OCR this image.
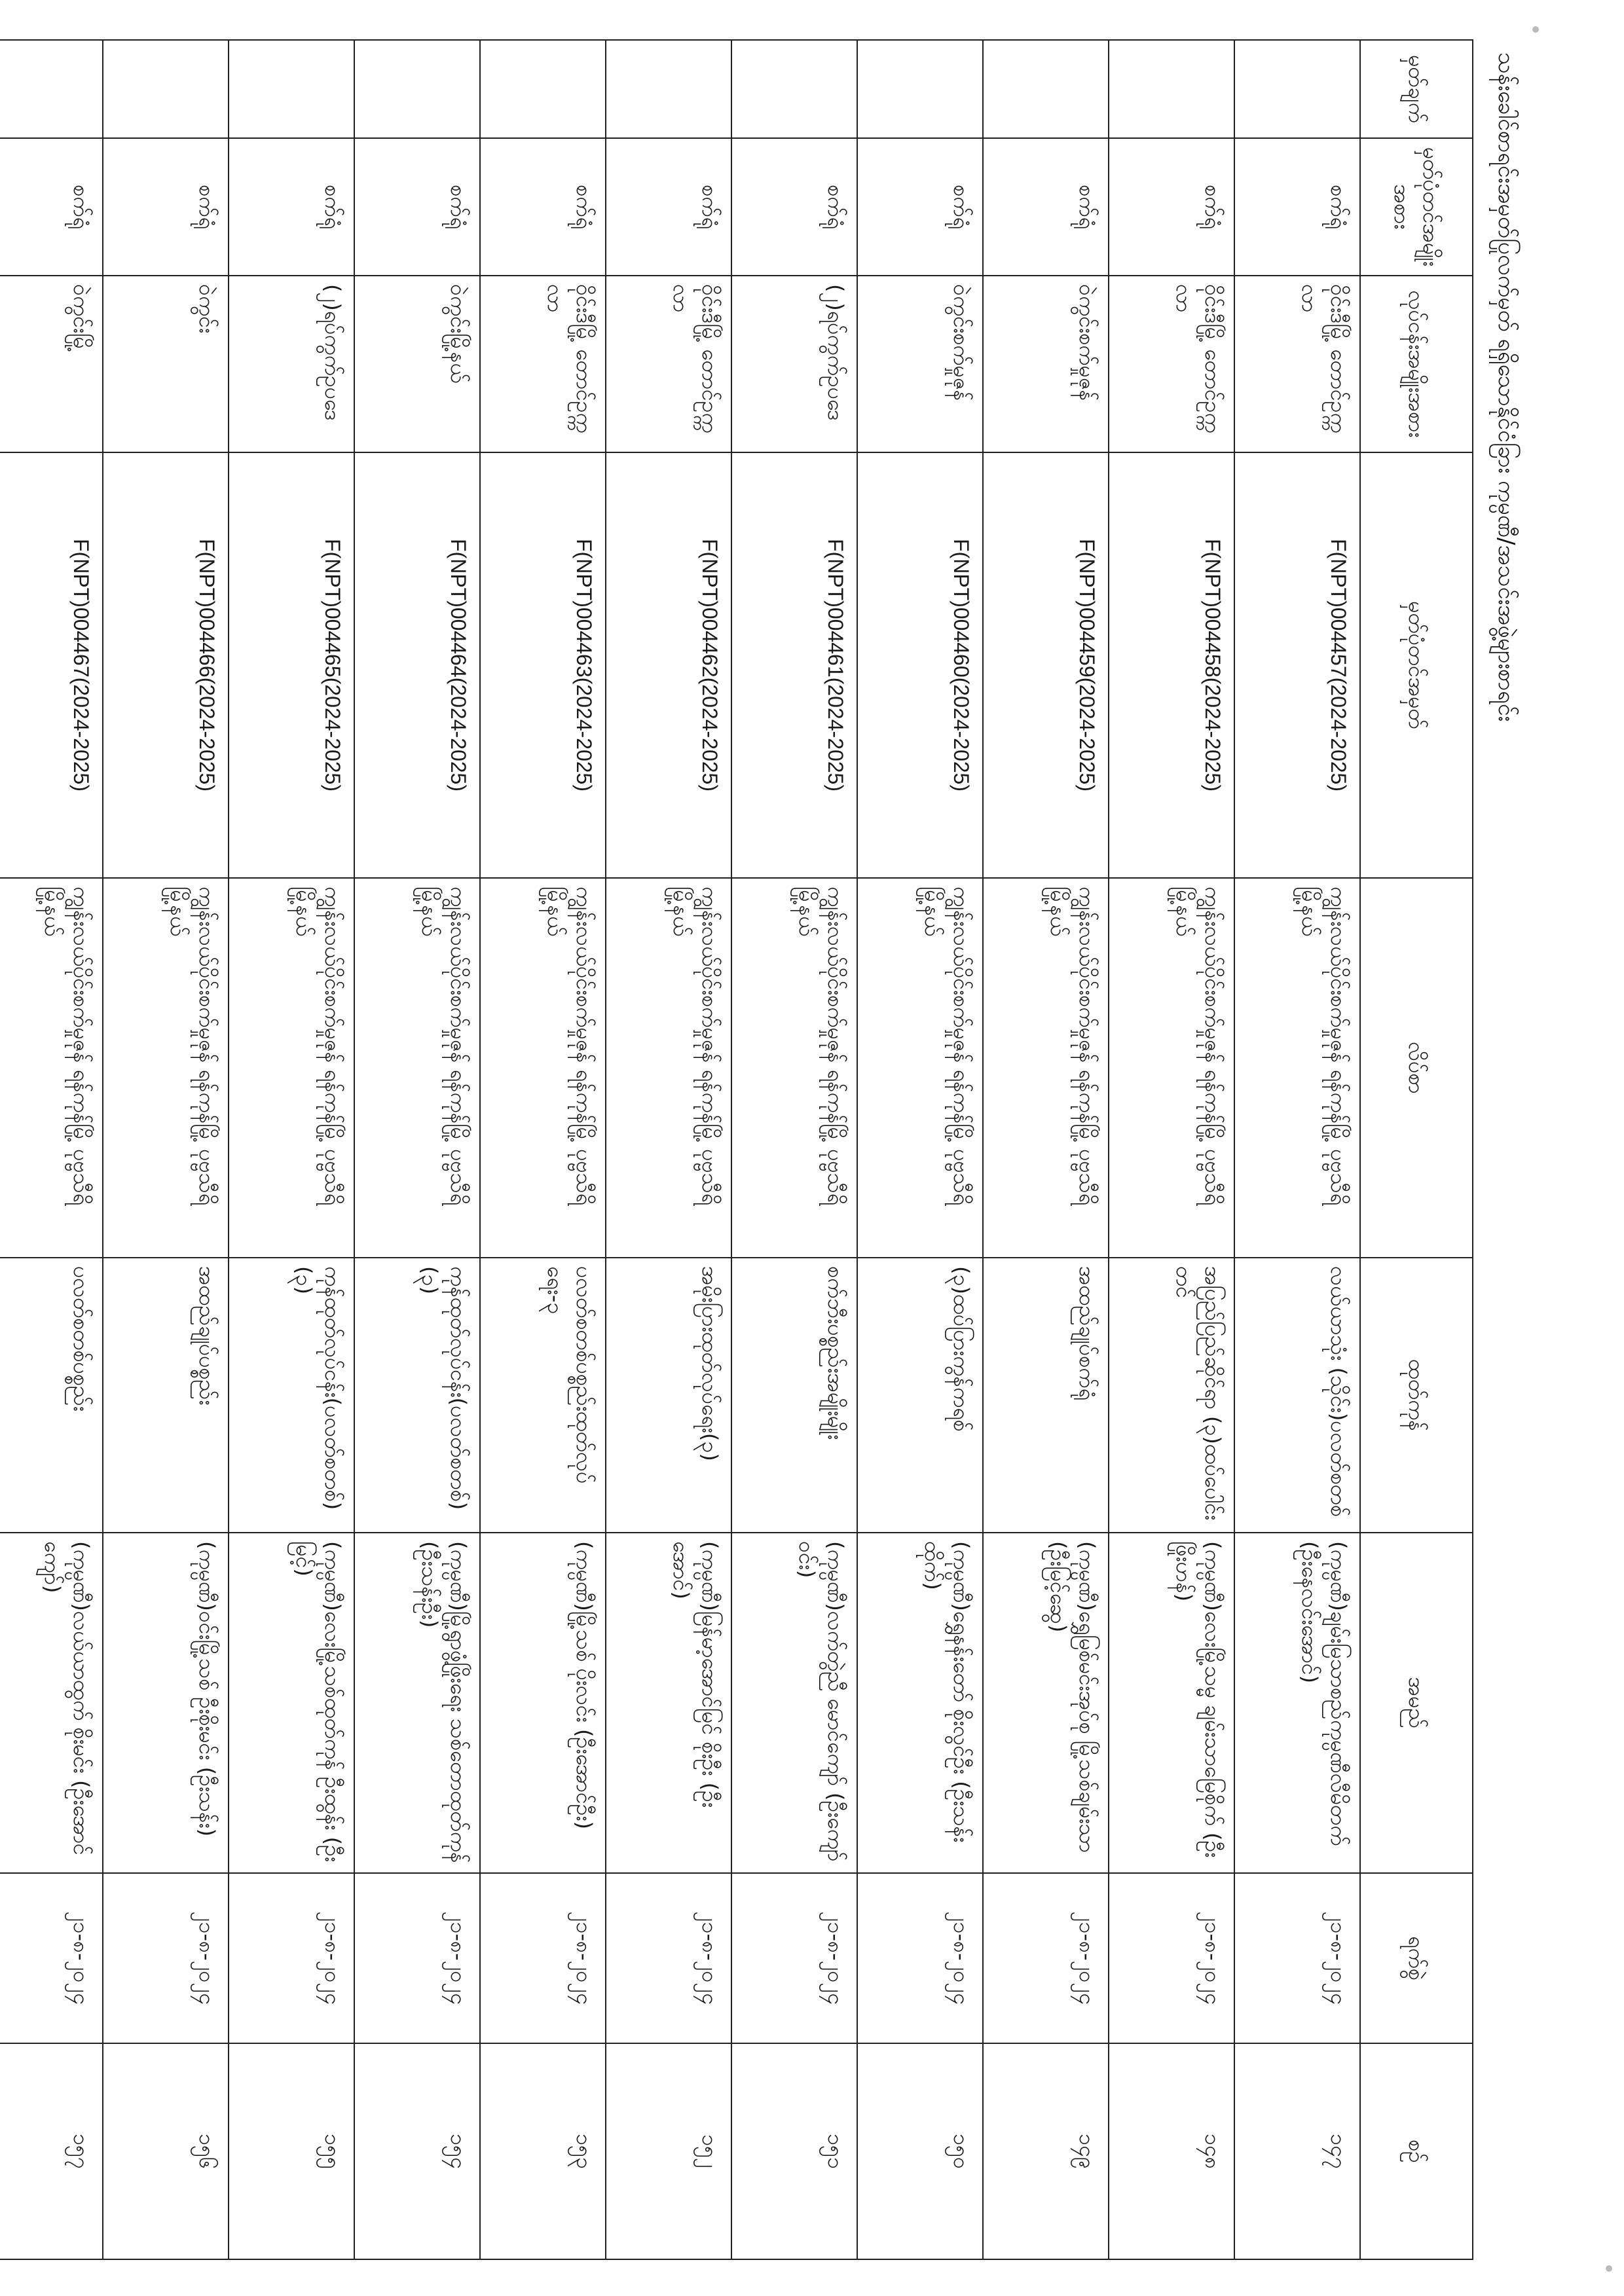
သန်းခေါင်စာရင်းအမှတ်ပြုလက်မှတ် ရရှိသောနိုင်ငံခြား ကုမ္ပဏီ/အသင်းအဖွဲ့များစာရင်း
မှတ်ချက်	မှတ်ပုံတင်အမျိုးအစား	လုပ်ငန်းအမျိုးအစား	မှတ်ပုံတင်အမှတ်	လိပ်စာ	ထုတ်ကုန်	အမည်	ရက်စွဲ	စဉ်
	စက်ရုံ	ဝိုင်းဒီမြို့ တောင်ဥက္ကလာ	F(NPT)004457(2024-2025)	ကျွန်းလယ်ပိုင်းစက်မှုဇုန် ရန်ကုန်မြို့ ပုဗ္ဗသီရိမြို့နယ်	လယ်ယာသုံး (သိုင်း)ပလတ်စတစ်	(ကုမ္ပဏီ)ချမ်းမြသာစည်ကုမ္ပဏီလီမိတက် (ဦးနေလင်းအောင်)	၂၁-၈-၂၀၂၄	၁၄၇
	စက်ရုံ	ဝိုင်းဒီမြို့ တောင်ဥက္ကလာ	F(NPT)004458(2024-2025)	ကျွန်းလယ်ပိုင်းစက်မှုဇုန် ရန်ကုန်မြို့ ပုဗ္ဗသီရိမြို့နယ်	အပြည်ပြည်ဆိုင်ရာ (၃)ထပ်ပေါင်းတင်	(ကုမ္ပဏီ)လေးမြို့သမ္မ ချမ်းသာမြေစိုက် (ဦးဖြိုးဟန်)	၂၁-၈-၂၀၂၄	၁၄၈
	စက်ရုံ	ဝဲကွင်းစက်မှုဇုန်	F(NPT)004459(2024-2025)	ကျွန်းလယ်ပိုင်းစက်မှုဇုန် ရန်ကုန်မြို့ ပုဗ္ဗသီရိမြို့နယ်	အထည်ချုပ်စက်ရုံ	(ကုမ္ပဏီ)ရွှေမြစ်မင်းအုပ်စု မြို့သစ်ချမ်းသာ (ဦးမြင့်ဆွေ)	၂၁-၈-၂၀၂၄	၁၄၉
	စက်ရုံ	ဝဲကွင်းစက်မှုဇုန်	F(NPT)004460(2024-2025)	ကျွန်းလယ်ပိုင်းစက်မှုဇုန် ရန်ကုန်မြို့ ပုဗ္ဗသီရိမြို့နယ်	(၃)ထပ်ပြားကွန်ကရစ်	(ကုမ္ပဏီ)ရွှေနန်းတော် စိုးလွင်ဦး (ဦးသန်းထိုက်)	၂၁-၈-၂၀၂၄	၁၅၀
	စက်ရုံ	(၂)ရပ်ကွက်ဥပဒေ	F(NPT)004461(2024-2025)	ကျွန်းလယ်ပိုင်းစက်မှုဇုန် ရန်ကုန်မြို့ ပုဗ္ဗသီရိမြို့နယ်	စက်ဘီးပစ္စည်းအမျိုးမျိုး	(ကုမ္ပဏီ)လက်တွဲညီ မောင်ကျော် (ဦးကျော်ဝင်း)	၂၁-၈-၂၀၂၄	၁၅၁
	စက်ရုံ	ဝိုင်းဒီမြို့ တောင်ဥက္ကလာ	F(NPT)004462(2024-2025)	ကျွန်းလယ်ပိုင်းစက်မှုဇုန် ရန်ကုန်မြို့ ပုဗ္ဗသီရိမြို့နယ်	အမိုးပြားထုတ်လုပ်ရေး(၃)	(ကုမ္ပဏီ)မြန်မာ့အောင်မြင် စိုးဦး (ဦးအောင်)	၂၁-၈-၂၀၂၄	၁၅၂
	စက်ရုံ	ဝိုင်းဒီမြို့ တောင်ဥက္ကလာ	F(NPT)004463(2024-2025)	ကျွန်းလယ်ပိုင်းစက်မှုဇုန် ရန်ကုန်မြို့ ပုဗ္ဗသီရိမြို့နယ်	ပလတ်စတစ်ပစ္စည်းထုတ်လုပ်ရေး-၃	(ကုမ္ပဏီ)မြို့သစ် ပိုးလင်း (ဦးအောင်ဦး)	၂၁-၈-၂၀၂၄	၁၅၃
	စက်ရုံ	ဝဲကွင်းမြို့နယ်	F(NPT)004464(2024-2025)	ကျွန်းလယ်ပိုင်းစက်မှုဇုန် ရန်ကုန်မြို့ ပုဗ္ဗသီရိမြို့နယ်	ကုန်ထုတ်လုပ်ငန်း(ပလတ်စတစ်)(၃)	(ကုမ္ပဏီ)မြို့ရွာဖွံ့ဖြိုးရေး သစ်တောထုတ်ကုန် (ဦးသန်းဦး)	၂၁-၈-၂၀၂၄	၁၅၄
	စက်ရုံ	(၂)ရပ်ကွက်ဥပဒေ	F(NPT)004465(2024-2025)	ကျွန်းလယ်ပိုင်းစက်မှုဇုန် ရန်ကုန်မြို့ ပုဗ္ဗသီရိမြို့နယ်	ကုန်ထုတ်လုပ်ငန်း(ပလတ်စတစ်)(၃)	(ကုမ္ပဏီ)လေးမြို့သစ်ထုတ်ကုန် ဦးထွန်း (ဦးမြင့်)	၂၁-၈-၂၀၂၄	၁၅၅
	စက်ရုံ	ဝဲကွင်း	F(NPT)004466(2024-2025)	ကျွန်းလယ်ပိုင်းစက်မှုဇုန် ရန်ကုန်မြို့ ပုဗ္ဗသီရိမြို့နယ်	အထည်ချုပ်ပစ္စည်း	(ကုမ္ပဏီ)ဝင်းမြို့သစ် ဦးစိုးမင်း (ဦးသန်း)	၂၁-၈-၂၀၂၄	၁၅၆
	စက်ရုံ	ဝဲကွင်းမြို့	F(NPT)004467(2024-2025)	ကျွန်းလယ်ပိုင်းစက်မှုဇုန် ရန်ကုန်မြို့ ပုဗ္ဗသီရိမြို့နယ်	ပလတ်စတစ်ပစ္စည်း	(ကုမ္ပဏီ)လယ်ယာထွက် စိုးမင်း (ဦးအောင်ကျော်)	၂၁-၈-၂၀၂၄	၁၅၇
